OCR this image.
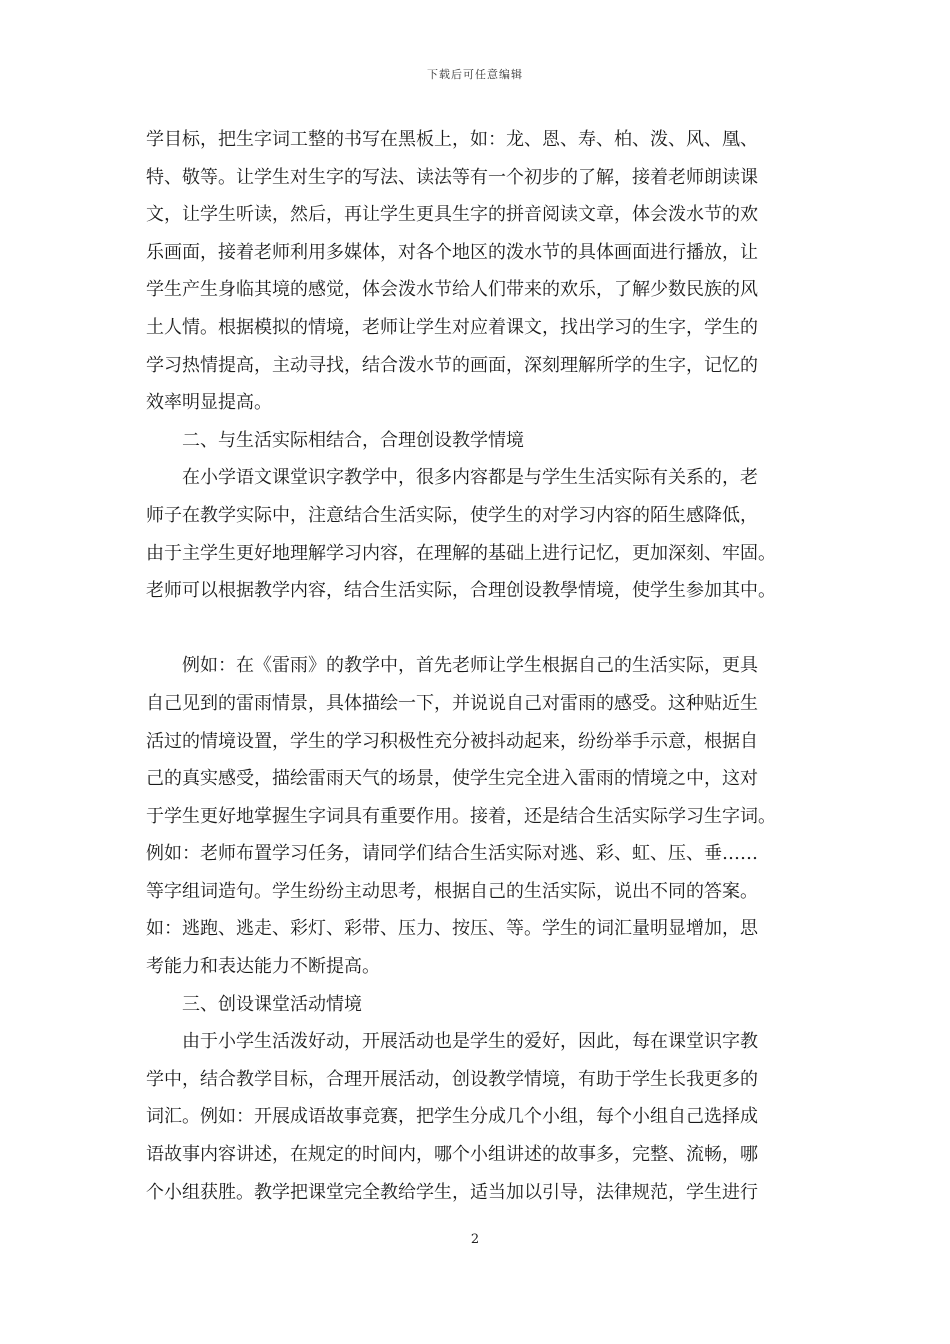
下载后可任意编辑
学目标，把生字词工整的书写在黑板上，如：龙、恩、寿、柏、泼、风、凰、
特、敬等。让学生对生字的写法、读法等有一个初步的了解，接着老师朗读课
文，让学生听读，然后，再让学生更具生字的拼音阅读文章，体会泼水节的欢
乐画面，接着老师利用多媒体，对各个地区的泼水节的具体画面进行播放，让
学生产生身临其境的感觉，体会泼水节给人们带来的欢乐，了解少数民族的风
土人情。根据模拟的情境，老师让学生对应着课文，找出学习的生字，学生的
学习热情提高，主动寻找，结合泼水节的画面，深刻理解所学的生字，记忆的
效率明显提高。
　　二、与生活实际相结合，合理创设教学情境
　　在小学语文课堂识字教学中，很多内容都是与学生生活实际有关系的，老
师子在教学实际中，注意结合生活实际，使学生的对学习内容的陌生感降低，
由于主学生更好地理解学习内容，在理解的基础上进行记忆，更加深刻、牢固。
老师可以根据教学内容，结合生活实际，合理创设教學情境，使学生参加其中。
　　例如：在《雷雨》的教学中，首先老师让学生根据自己的生活实际，更具
自己见到的雷雨情景，具体描绘一下，并说说自己对雷雨的感受。这种贴近生
活过的情境设置，学生的学习积极性充分被抖动起来，纷纷举手示意，根据自
己的真实感受，描绘雷雨天气的场景，使学生完全进入雷雨的情境之中，这对
于学生更好地掌握生字词具有重要作用。接着，还是结合生活实际学习生字词。
例如：老师布置学习任务，请同学们结合生活实际对逃、彩、虹、压、垂……
等字组词造句。学生纷纷主动思考，根据自己的生活实际，说出不同的答案。
如：逃跑、逃走、彩灯、彩带、压力、按压、等。学生的词汇量明显增加，思
考能力和表达能力不断提高。
　　三、创设课堂活动情境
　　由于小学生活泼好动，开展活动也是学生的爱好，因此，每在课堂识字教
学中，结合教学目标，合理开展活动，创设教学情境，有助于学生长我更多的
词汇。例如：开展成语故事竞赛，把学生分成几个小组，每个小组自己选择成
语故事内容讲述，在规定的时间内，哪个小组讲述的故事多，完整、流畅，哪
个小组获胜。教学把课堂完全教给学生，适当加以引导，法律规范，学生进行
2
